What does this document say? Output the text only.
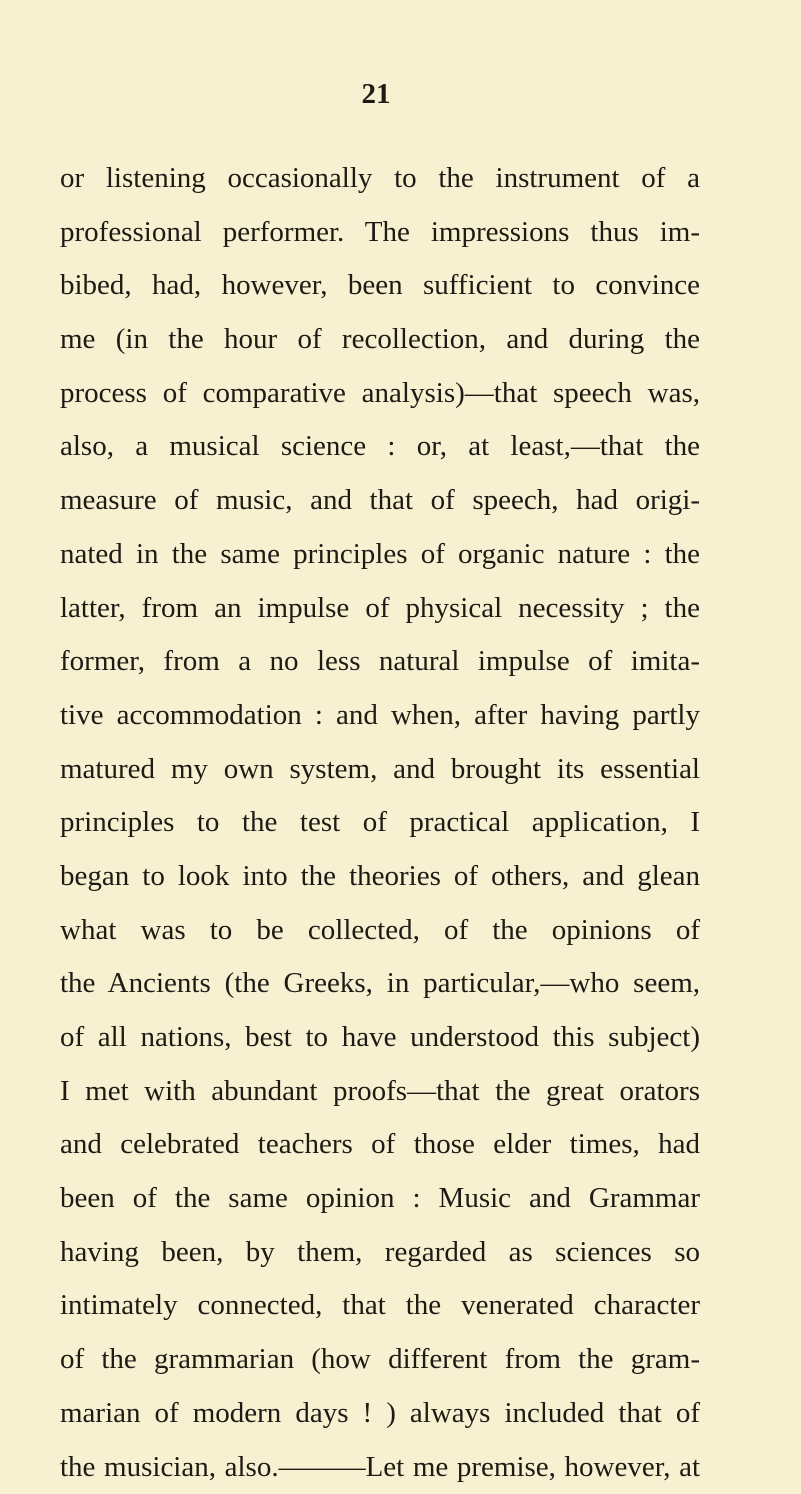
21
or listening occasionally to the instrument of a
professional performer. The impressions thus im-
bibed, had, however, been sufficient to convince
me (in the hour of recollection, and during the
process of comparative analysis)—that speech was,
also, a musical science : or, at least,—that the
measure of music, and that of speech, had origi-
nated in the same principles of organic nature : the
latter, from an impulse of physical necessity ; the
former, from a no less natural impulse of imita-
tive accommodation : and when, after having partly
matured my own system, and brought its essential
principles to the test of practical application, I
began to look into the theories of others, and glean
what was to be collected, of the opinions of
the Ancients (the Greeks, in particular,—who seem,
of all nations, best to have understood this subject)
I met with abundant proofs—that the great orators
and celebrated teachers of those elder times, had
been of the same opinion : Music and Grammar
having been, by them, regarded as sciences so
intimately connected, that the venerated character
of the grammarian (how different from the gram-
marian of modern days ! ) always included that of
the musician, also.———Let me premise, however, at
